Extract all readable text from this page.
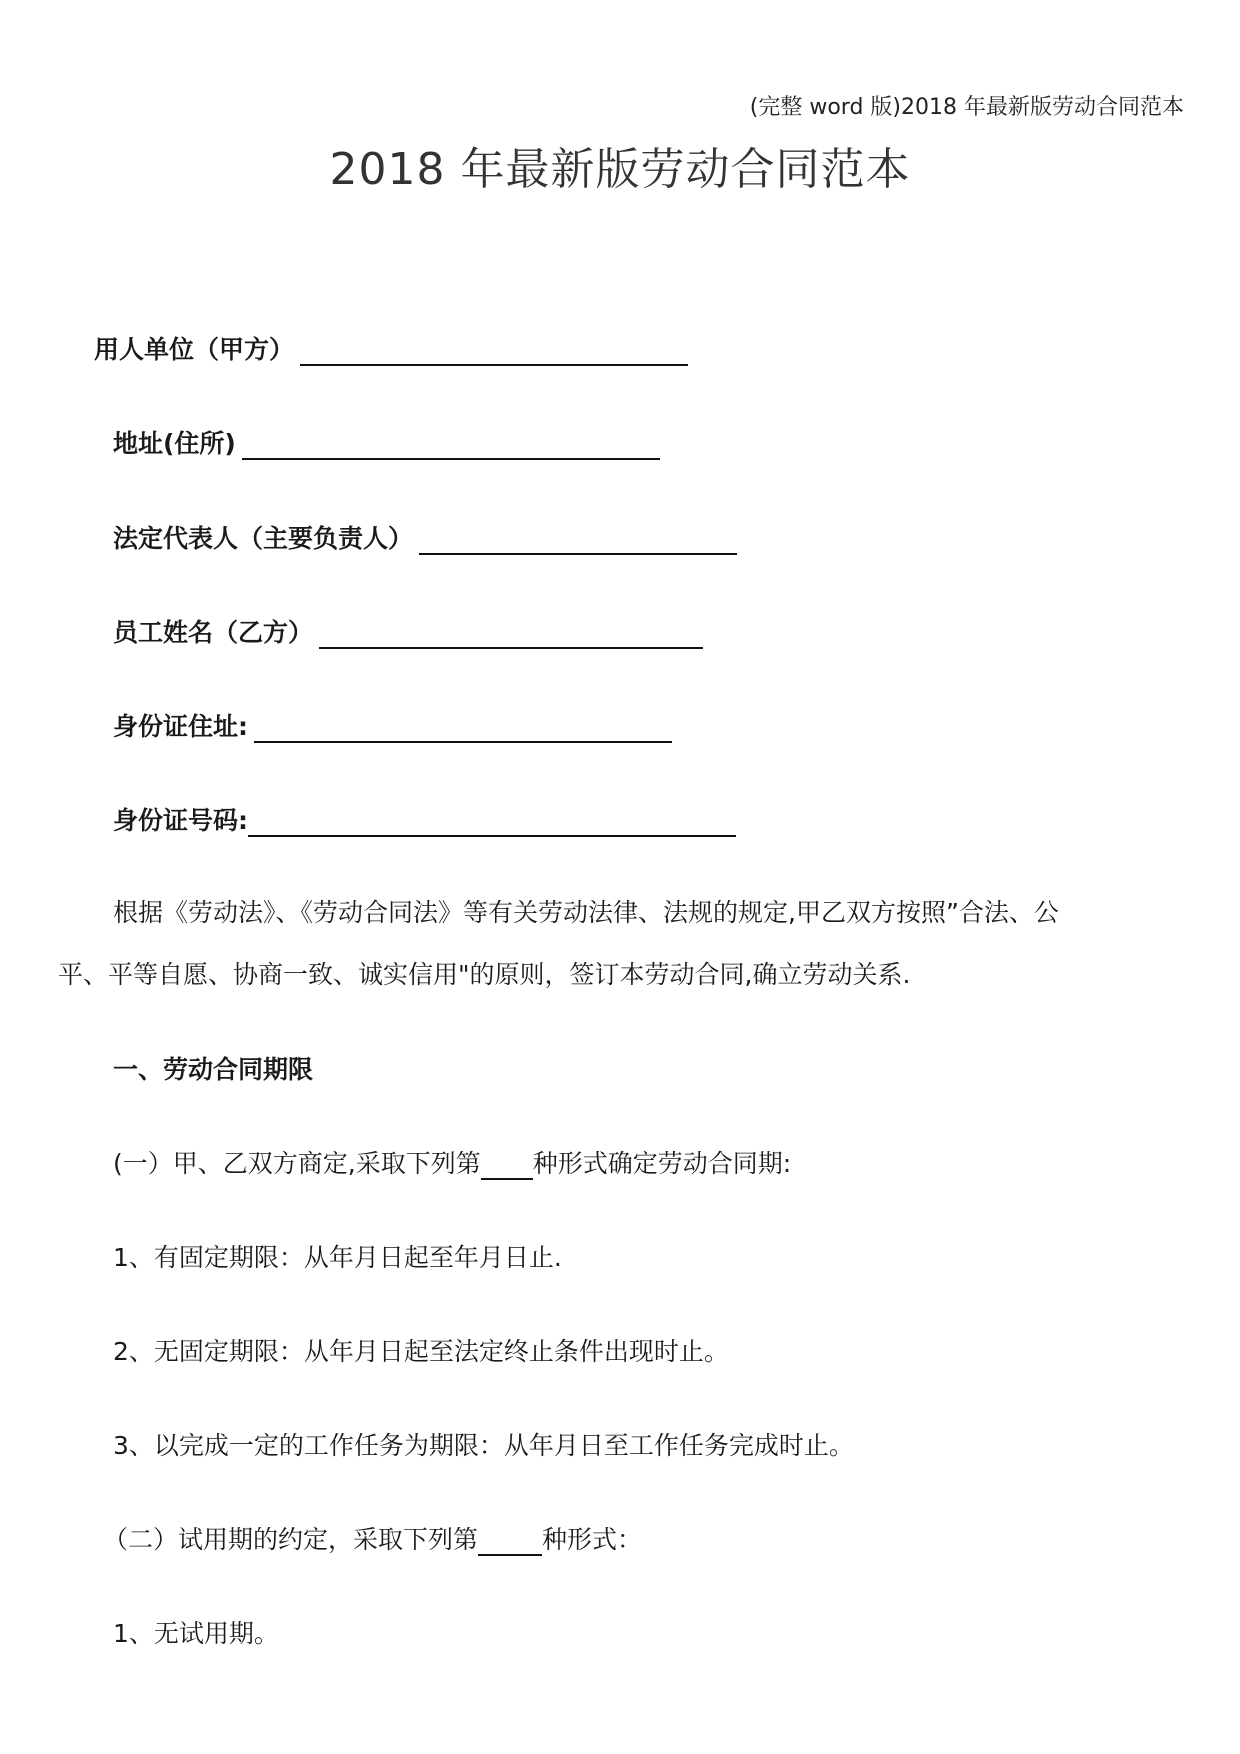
(完整 word 版)2018 年最新版劳动合同范本
2018 年最新版劳动合同范本
用人单位（甲方）
地址(住所)
法定代表人（主要负责人）
员工姓名（乙方）
身份证住址:
身份证号码:
根据《劳动法》、《劳动合同法》等有关劳动法律、法规的规定,甲乙双方按照”合法、公
平、平等自愿、协商一致、诚实信用"的原则，签订本劳动合同,确立劳动关系.
一、劳动合同期限
(一）甲、乙双方商定,采取下列第 种形式确定劳动合同期:
1、有固定期限：从年月日起至年月日止.
2、无固定期限：从年月日起至法定终止条件出现时止。
3、以完成一定的工作任务为期限：从年月日至工作任务完成时止。
（二）试用期的约定，采取下列第	种形式：
1、无试用期。
